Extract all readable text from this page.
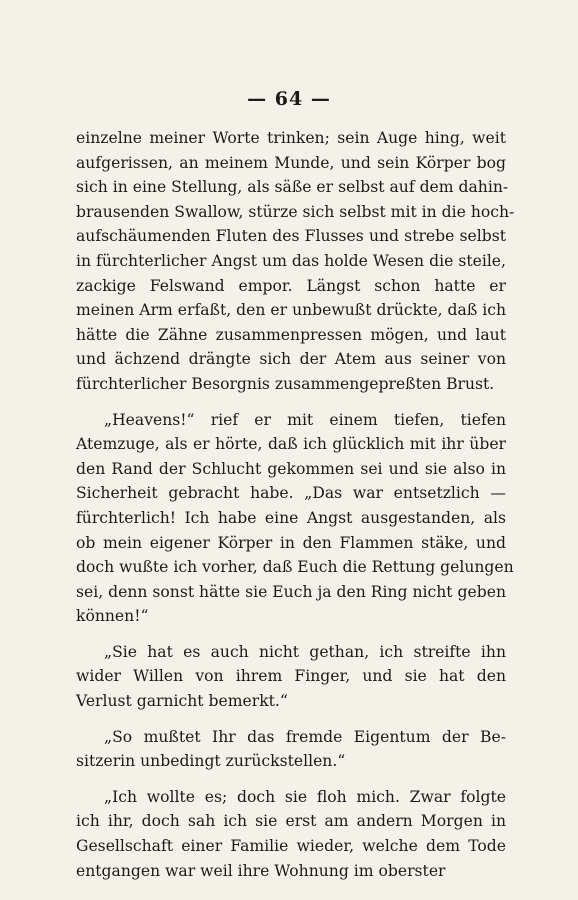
— 64 —
einzelne meiner Worte trinken; sein Auge hing, weit
aufgerissen, an meinem Munde, und sein Körper bog
sich in eine Stellung, als säße er selbst auf dem dahin-
brausenden Swallow, stürze sich selbst mit in die hoch-
aufschäumenden Fluten des Flusses und strebe selbst
in fürchterlicher Angst um das holde Wesen die steile,
zackige Felswand empor. Längst schon hatte er
meinen Arm erfaßt, den er unbewußt drückte, daß ich
hätte die Zähne zusammenpressen mögen, und laut
und ächzend drängte sich der Atem aus seiner von
fürchterlicher Besorgnis zusammengepreßten Brust.
„Heavens!“ rief er mit einem tiefen, tiefen
Atemzuge, als er hörte, daß ich glücklich mit ihr über
den Rand der Schlucht gekommen sei und sie also in
Sicherheit gebracht habe. „Das war entsetzlich —
fürchterlich! Ich habe eine Angst ausgestanden, als
ob mein eigener Körper in den Flammen stäke, und
doch wußte ich vorher, daß Euch die Rettung gelungen
sei, denn sonst hätte sie Euch ja den Ring nicht geben
können!“
„Sie hat es auch nicht gethan, ich streifte ihn
wider Willen von ihrem Finger, und sie hat den
Verlust garnicht bemerkt.“
„So mußtet Ihr das fremde Eigentum der Be-
sitzerin unbedingt zurückstellen.“
„Ich wollte es; doch sie floh mich. Zwar folgte
ich ihr, doch sah ich sie erst am andern Morgen in
Gesellschaft einer Familie wieder, welche dem Tode
entgangen war weil ihre Wohnung im oberster
